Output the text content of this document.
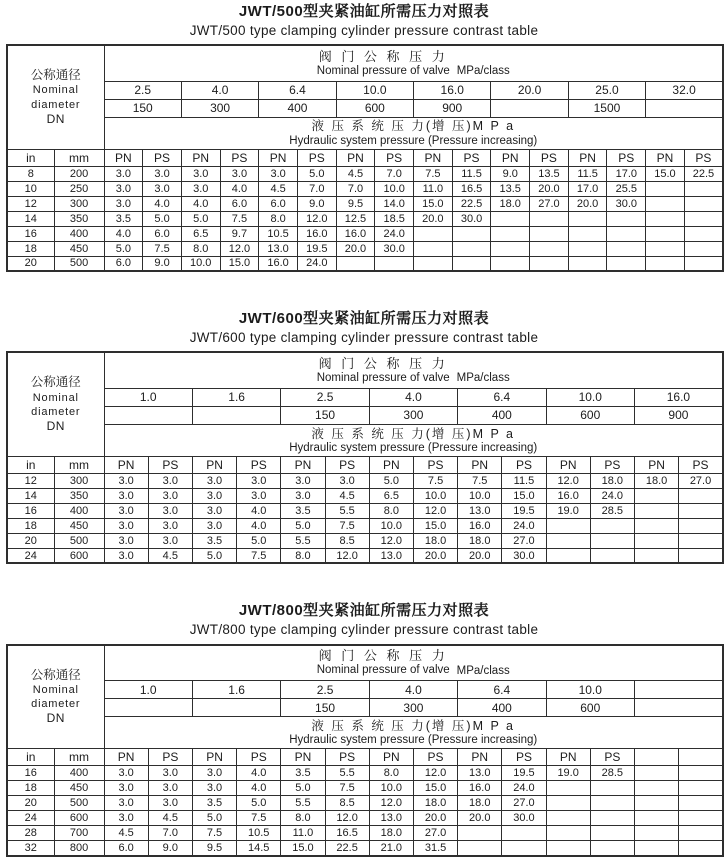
JWT/500型夹紧油缸所需压力对照表
JWT/500 type clamping cylinder pressure contrast table
公称通径
Nominal
diameter
DN

阀 门 公 称 压 力
Nominal pressure of valve MPa/class

		2.5		4.0		6.4		10.0		16.0		20.0		25.0		32.0	
		150		300		400		600		900				1500			

		液 压 系 统 压 力(增 压)M P a
Hydraulic system pressure (Pressure increasing)															

in	mm	PN	PS	PN	PS	PN	PS	PN	PS	PN	PS	PN	PS	PN	PS	PN	PS
8	200	3.0	3.0	3.0	3.0	3.0	5.0	4.5	7.0	7.5	11.5	9.0	13.5	11.5	17.0	15.0	22.5
10	250	3.0	3.0	3.0	4.0	4.5	7.0	7.0	10.0	11.0	16.5	13.5	20.0	17.0	25.5		
12	300	3.0	4.0	4.0	6.0	6.0	9.0	9.5	14.0	15.0	22.5	18.0	27.0	20.0	30.0		
14	350	3.5	5.0	5.0	7.5	8.0	12.0	12.5	18.5	20.0	30.0						
16	400	4.0	6.0	6.5	9.7	10.5	16.0	16.0	24.0								
18	450	5.0	7.5	8.0	12.0	13.0	19.5	20.0	30.0								
20	500	6.0	9.0	10.0	15.0	16.0	24.0										
JWT/600型夹紧油缸所需压力对照表
JWT/600 type clamping cylinder pressure contrast table
公称通径
Nominal
diameter
DN

阀 门 公 称 压 力
Nominal pressure of valve MPa/class

		1.0		1.6		2.5		4.0		6.4		10.0		16.0	
						150		300		400		600		900	

		液 压 系 统 压 力(增 压)M P a
Hydraulic system pressure (Pressure increasing)													

in	mm	PN	PS	PN	PS	PN	PS	PN	PS	PN	PS	PN	PS	PN	PS
12	300	3.0	3.0	3.0	3.0	3.0	3.0	5.0	7.5	7.5	11.5	12.0	18.0	18.0	27.0
14	350	3.0	3.0	3.0	3.0	3.0	4.5	6.5	10.0	10.0	15.0	16.0	24.0		
16	400	3.0	3.0	3.0	4.0	3.5	5.5	8.0	12.0	13.0	19.5	19.0	28.5		
18	450	3.0	3.0	3.0	4.0	5.0	7.5	10.0	15.0	16.0	24.0				
20	500	3.0	3.0	3.5	5.0	5.5	8.5	12.0	18.0	18.0	27.0				
24	600	3.0	4.5	5.0	7.5	8.0	12.0	13.0	20.0	20.0	30.0				
JWT/800型夹紧油缸所需压力对照表
JWT/800 type clamping cylinder pressure contrast table
公称通径
Nominal
diameter
DN

阀 门 公 称 压 力
Nominal pressure of valve MPa/class

		1.0		1.6		2.5		4.0		6.4		10.0			
						150		300		400		600			

		液 压 系 统 压 力(增 压)M P a
Hydraulic system pressure (Pressure increasing)													

in	mm	PN	PS	PN	PS	PN	PS	PN	PS	PN	PS	PN	PS		
16	400	3.0	3.0	3.0	4.0	3.5	5.5	8.0	12.0	13.0	19.5	19.0	28.5		
18	450	3.0	3.0	3.0	4.0	5.0	7.5	10.0	15.0	16.0	24.0				
20	500	3.0	3.0	3.5	5.0	5.5	8.5	12.0	18.0	18.0	27.0				
24	600	3.0	4.5	5.0	7.5	8.0	12.0	13.0	20.0	20.0	30.0				
28	700	4.5	7.0	7.5	10.5	11.0	16.5	18.0	27.0						
32	800	6.0	9.0	9.5	14.5	15.0	22.5	21.0	31.5						
